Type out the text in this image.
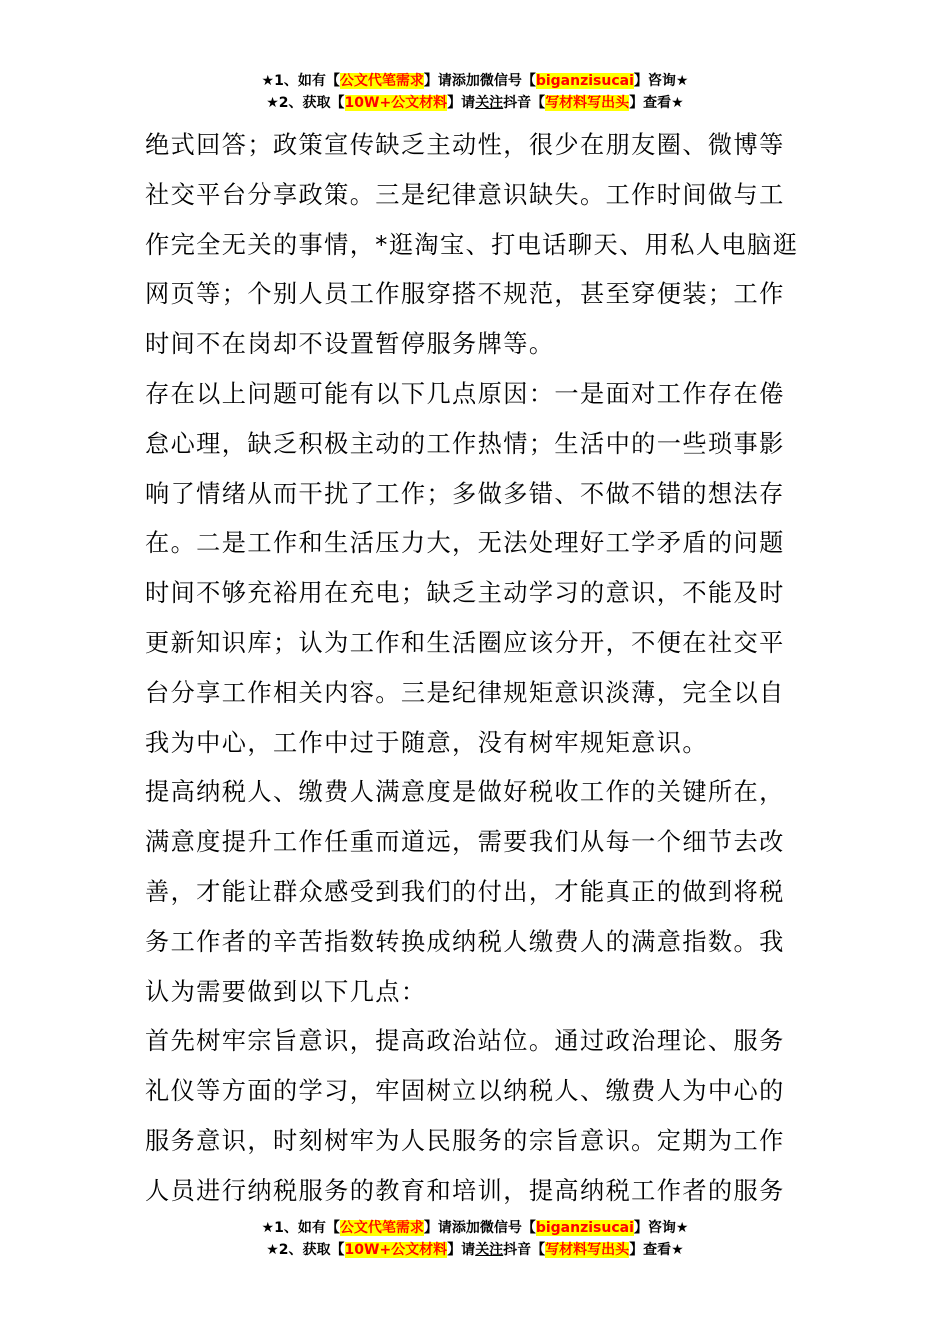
★1、如有【公文代笔需求】请添加微信号【biganzisucai】咨询★
★2、获取【10W+公文材料】请关注抖音【写材料写出头】查看★
绝式回答；政策宣传缺乏主动性，很少在朋友圈、微博等
社交平台分享政策。三是纪律意识缺失。工作时间做与工
作完全无关的事情，*逛淘宝、打电话聊天、用私人电脑逛
网页等；个别人员工作服穿搭不规范，甚至穿便装；工作
时间不在岗却不设置暂停服务牌等。
存在以上问题可能有以下几点原因：一是面对工作存在倦
怠心理，缺乏积极主动的工作热情；生活中的一些琐事影
响了情绪从而干扰了工作；多做多错、不做不错的想法存
在。二是工作和生活压力大，无法处理好工学矛盾的问题
时间不够充裕用在充电；缺乏主动学习的意识，不能及时
更新知识库；认为工作和生活圈应该分开，不便在社交平
台分享工作相关内容。三是纪律规矩意识淡薄，完全以自
我为中心，工作中过于随意，没有树牢规矩意识。
提高纳税人、缴费人满意度是做好税收工作的关键所在，
满意度提升工作任重而道远，需要我们从每一个细节去改
善，才能让群众感受到我们的付出，才能真正的做到将税
务工作者的辛苦指数转换成纳税人缴费人的满意指数。我
认为需要做到以下几点：
首先树牢宗旨意识，提高政治站位。通过政治理论、服务
礼仪等方面的学习，牢固树立以纳税人、缴费人为中心的
服务意识，时刻树牢为人民服务的宗旨意识。定期为工作
人员进行纳税服务的教育和培训，提高纳税工作者的服务
★1、如有【公文代笔需求】请添加微信号【biganzisucai】咨询★
★2、获取【10W+公文材料】请关注抖音【写材料写出头】查看★
